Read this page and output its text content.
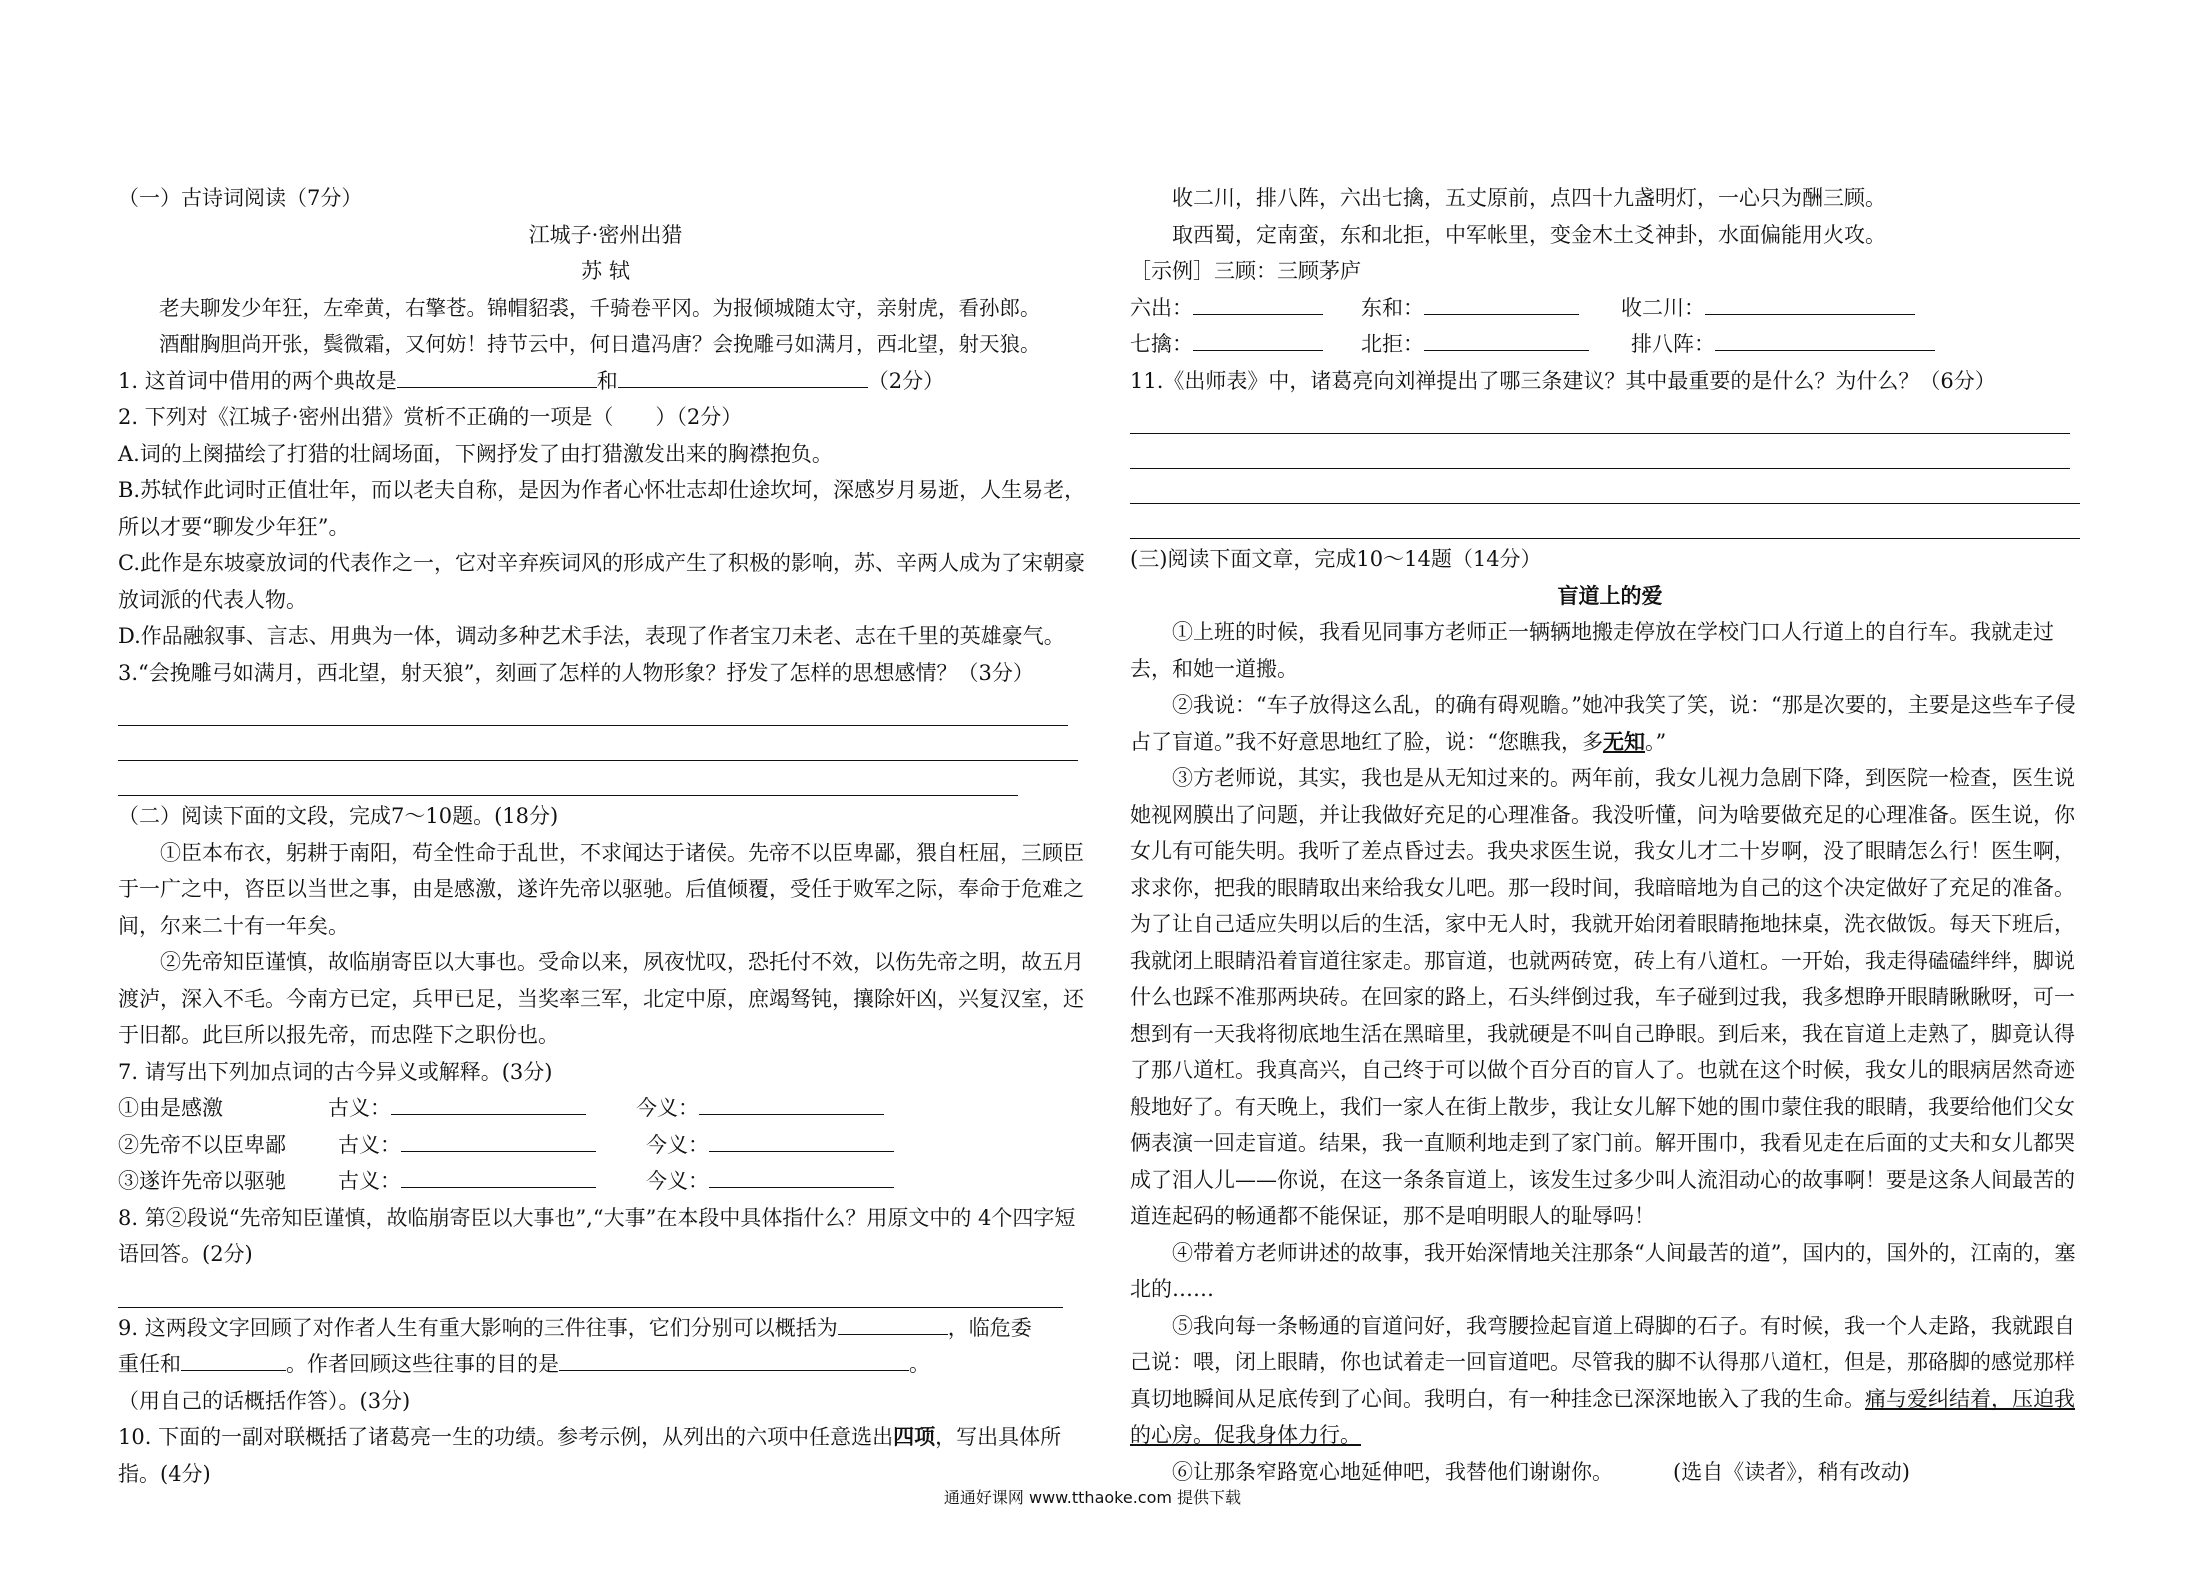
（一）古诗词阅读（7分）

江城子·密州出猎

苏 轼

老夫聊发少年狂，左牵黄，右擎苍。锦帽貂裘，千骑卷平冈。为报倾城随太守，亲射虎，看孙郎。

酒酣胸胆尚开张，鬓微霜，又何妨！持节云中，何日遣冯唐？会挽雕弓如满月，西北望，射天狼。

1. 这首词中借用的两个典故是	和	（2分）

2. 下列对《江城子·密州出猎》赏析不正确的一项是（　　）（2分）

A.词的上阕描绘了打猎的壮阔场面，下阙抒发了由打猎激发出来的胸襟抱负。

B.苏轼作此词时正值壮年，而以老夫自称，是因为作者心怀壮志却仕途坎坷，深感岁月易逝，人生易老，所以才要“聊发少年狂”。

C.此作是东坡豪放词的代表作之一，它对辛弃疾词风的形成产生了积极的影响，苏、辛两人成为了宋朝豪放词派的代表人物。

D.作品融叙事、言志、用典为一体，调动多种艺术手法，表现了作者宝刀未老、志在千里的英雄豪气。

3.“会挽雕弓如满月，西北望，射天狼”，刻画了怎样的人物形象？抒发了怎样的思想感情？（3分）

（二）阅读下面的文段，完成7～10题。(18分)

①臣本布衣，躬耕于南阳，苟全性命于乱世，不求闻达于诸侯。先帝不以臣卑鄙，猥自枉屈，三顾臣于一广之中，咨臣以当世之事，由是感激，遂许先帝以驱驰。后值倾覆，受任于败军之际，奉命于危难之间，尔来二十有一年矣。

②先帝知臣谨慎，故临崩寄臣以大事也。受命以来，夙夜忧叹，恐托付不效，以伤先帝之明，故五月渡泸，深入不毛。今南方已定，兵甲已足，当奖率三军，北定中原，庶竭驽钝，攘除奸凶，兴复汉室，还于旧都。此巨所以报先帝，而忠陛下之职份也。

7. 请写出下列加点词的古今异义或解释。(3分)

①由是感激	古义：	今义：
②先帝不以臣卑鄙	古义：	今义：
③遂许先帝以驱驰	古义：	今义：

8. 第②段说“先帝知臣谨慎，故临崩寄臣以大事也”,“大事”在本段中具体指什么？用原文中的 4个四字短语回答。(2分)

9. 这两段文字回顾了对作者人生有重大影响的三件往事，它们分别可以概括为	，临危委

重任和	。作者回顾这些往事的目的是	。

（用自己的话概括作答）。(3分)

10. 下面的一副对联概括了诸葛亮一生的功绩。参考示例，从列出的六项中任意选出四项，写出具体所指。(4分)

收二川，排八阵，六出七擒，五丈原前，点四十九盏明灯，一心只为酬三顾。

取西蜀，定南蛮，东和北拒，中军帐里，变金木土爻神卦，水面偏能用火攻。

［示例］三顾：三顾茅庐

六出：	东和：	收二川：
七擒：	北拒：	排八阵：

11.《出师表》中，诸葛亮向刘禅提出了哪三条建议？其中最重要的是什么？为什么？（6分）

(三)阅读下面文章，完成10～14题（14分）

盲道上的爱

①上班的时候，我看见同事方老师正一辆辆地搬走停放在学校门口人行道上的自行车。我就走过去，和她一道搬。

②我说：“车子放得这么乱，的确有碍观瞻。”她冲我笑了笑，说：“那是次要的，主要是这些车子侵占了盲道。”我不好意思地红了脸，说：“您瞧我，多无知。”

③方老师说，其实，我也是从无知过来的。两年前，我女儿视力急剧下降，到医院一检查，医生说她视网膜出了问题，并让我做好充足的心理准备。我没听懂，问为啥要做充足的心理准备。医生说，你女儿有可能失明。我听了差点昏过去。我央求医生说，我女儿才二十岁啊，没了眼睛怎么行！医生啊，求求你，把我的眼睛取出来给我女儿吧。那一段时间，我暗暗地为自己的这个决定做好了充足的准备。为了让自己适应失明以后的生活，家中无人时，我就开始闭着眼睛拖地抹桌，洗衣做饭。每天下班后，我就闭上眼睛沿着盲道往家走。那盲道，也就两砖宽，砖上有八道杠。一开始，我走得磕磕绊绊，脚说什么也踩不准那两块砖。在回家的路上，石头绊倒过我，车子碰到过我，我多想睁开眼睛瞅瞅呀，可一想到有一天我将彻底地生活在黑暗里，我就硬是不叫自己睁眼。到后来，我在盲道上走熟了，脚竟认得了那八道杠。我真高兴，自己终于可以做个百分百的盲人了。也就在这个时候，我女儿的眼病居然奇迹般地好了。有天晚上，我们一家人在街上散步，我让女儿解下她的围巾蒙住我的眼睛，我要给他们父女俩表演一回走盲道。结果，我一直顺利地走到了家门前。解开围巾，我看见走在后面的丈夫和女儿都哭成了泪人儿——你说，在这一条条盲道上，该发生过多少叫人流泪动心的故事啊！要是这条人间最苦的道连起码的畅通都不能保证，那不是咱明眼人的耻辱吗！

④带着方老师讲述的故事，我开始深情地关注那条“人间最苦的道”，国内的，国外的，江南的，塞北的……

⑤我向每一条畅通的盲道问好，我弯腰捡起盲道上碍脚的石子。有时候，我一个人走路，我就跟自己说：喂，闭上眼睛，你也试着走一回盲道吧。尽管我的脚不认得那八道杠，但是，那硌脚的感觉那样真切地瞬间从足底传到了心间。我明白，有一种挂念已深深地嵌入了我的生命。痛与爱纠结着，压迫我的心房。促我身体力行。

⑥让那条窄路宽心地延伸吧，我替他们谢谢你。	(选自《读者》，稍有改动)

通通好课网 www.tthaoke.com 提供下载
